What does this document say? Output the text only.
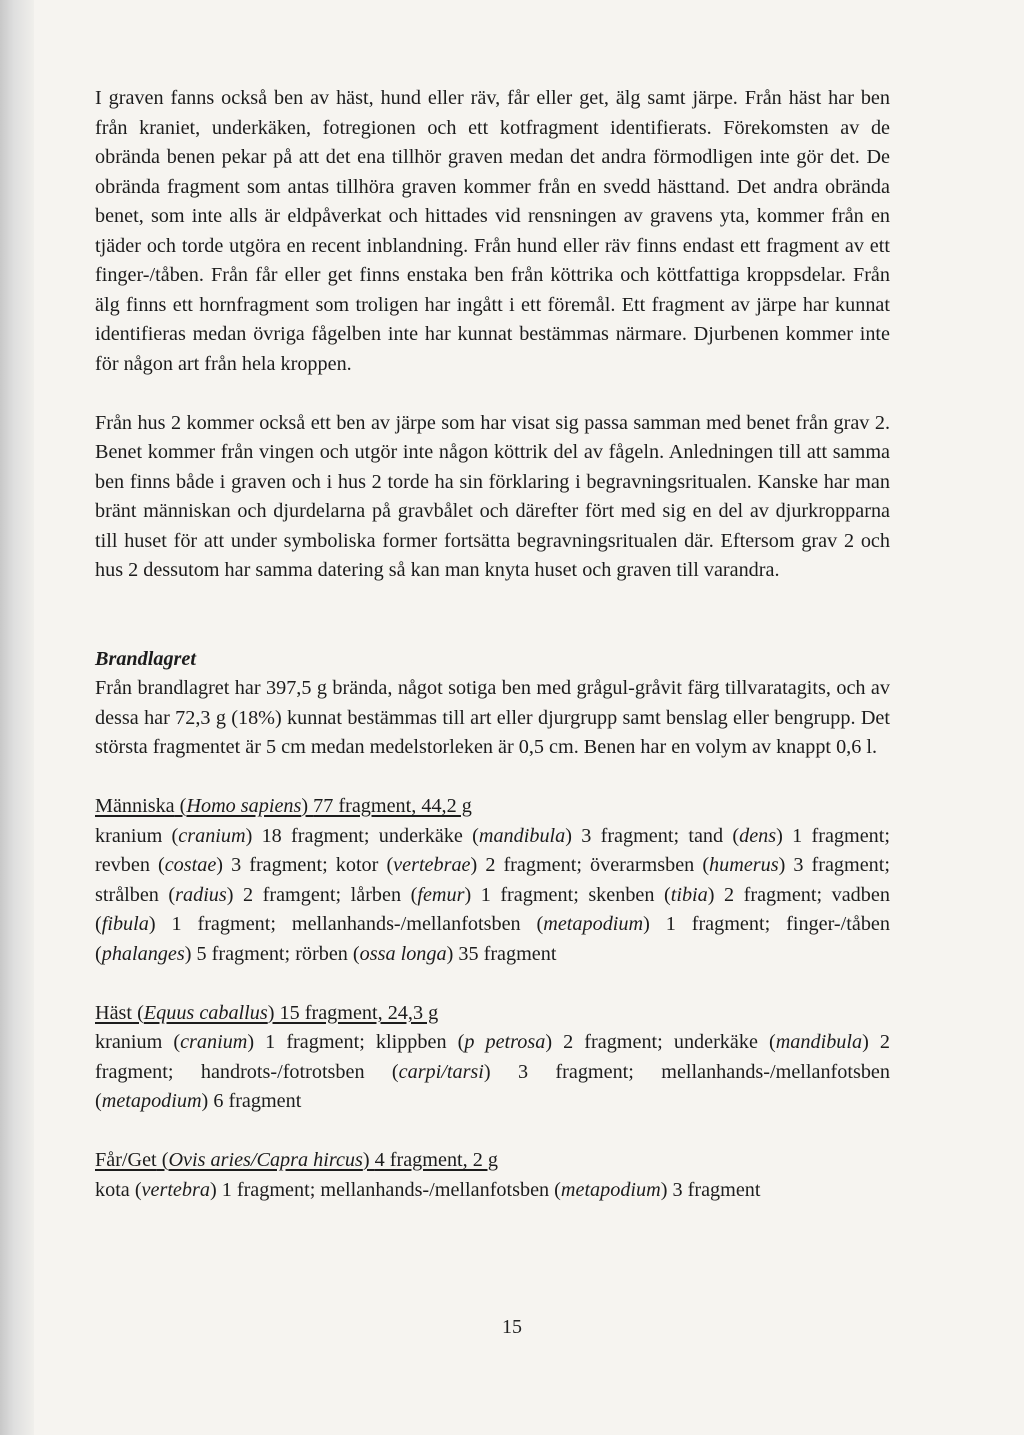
I graven fanns också ben av häst, hund eller räv, får eller get, älg samt järpe. Från häst har ben från kraniet, underkäken, fotregionen och ett kotfragment identifierats. Förekomsten av de obrända benen pekar på att det ena tillhör graven medan det andra förmodligen inte gör det. De obrända fragment som antas tillhöra graven kommer från en svedd hästtand. Det andra obrända benet, som inte alls är eldpåverkat och hittades vid rensningen av gravens yta, kommer från en tjäder och torde utgöra en recent inblandning. Från hund eller räv finns endast ett fragment av ett finger-/tåben. Från får eller get finns enstaka ben från köttrika och köttfattiga kroppsdelar. Från älg finns ett hornfragment som troligen har ingått i ett föremål. Ett fragment av järpe har kunnat identifieras medan övriga fågelben inte har kunnat bestämmas närmare. Djurbenen kommer inte för någon art från hela kroppen.

Från hus 2 kommer också ett ben av järpe som har visat sig passa samman med benet från grav 2. Benet kommer från vingen och utgör inte någon köttrik del av fågeln. Anledningen till att samma ben finns både i graven och i hus 2 torde ha sin förklaring i begravningsritualen. Kanske har man bränt människan och djurdelarna på gravbålet och därefter fört med sig en del av djurkropparna till huset för att under symboliska former fortsätta begravningsritualen där. Eftersom grav 2 och hus 2 dessutom har samma datering så kan man knyta huset och graven till varandra.

Brandlagret

Från brandlagret har 397,5 g brända, något sotiga ben med grågul-gråvit färg tillvaratagits, och av dessa har 72,3 g (18%) kunnat bestämmas till art eller djurgrupp samt benslag eller bengrupp. Det största fragmentet är 5 cm medan medelstorleken är 0,5 cm. Benen har en volym av knappt 0,6 l.

Människa (Homo sapiens) 77 fragment, 44,2 g

kranium (cranium) 18 fragment; underkäke (mandibula) 3 fragment; tand (dens) 1 fragment; revben (costae) 3 fragment; kotor (vertebrae) 2 fragment; överarmsben (humerus) 3 fragment; strålben (radius) 2 framgent; lårben (femur) 1 fragment; skenben (tibia) 2 fragment; vadben (fibula) 1 fragment; mellanhands-/mellanfotsben (metapodium) 1 fragment; finger-/tåben (phalanges) 5 fragment; rörben (ossa longa) 35 fragment

Häst (Equus caballus) 15 fragment, 24,3 g

kranium (cranium) 1 fragment; klippben (p petrosa) 2 fragment; underkäke (mandibula) 2 fragment; handrots-/fotrotsben (carpi/tarsi) 3 fragment; mellanhands-/mellanfotsben (metapodium) 6 fragment

Får/Get (Ovis aries/Capra hircus) 4 fragment, 2 g

kota (vertebra) 1 fragment; mellanhands-/mellanfotsben (metapodium) 3 fragment

15
